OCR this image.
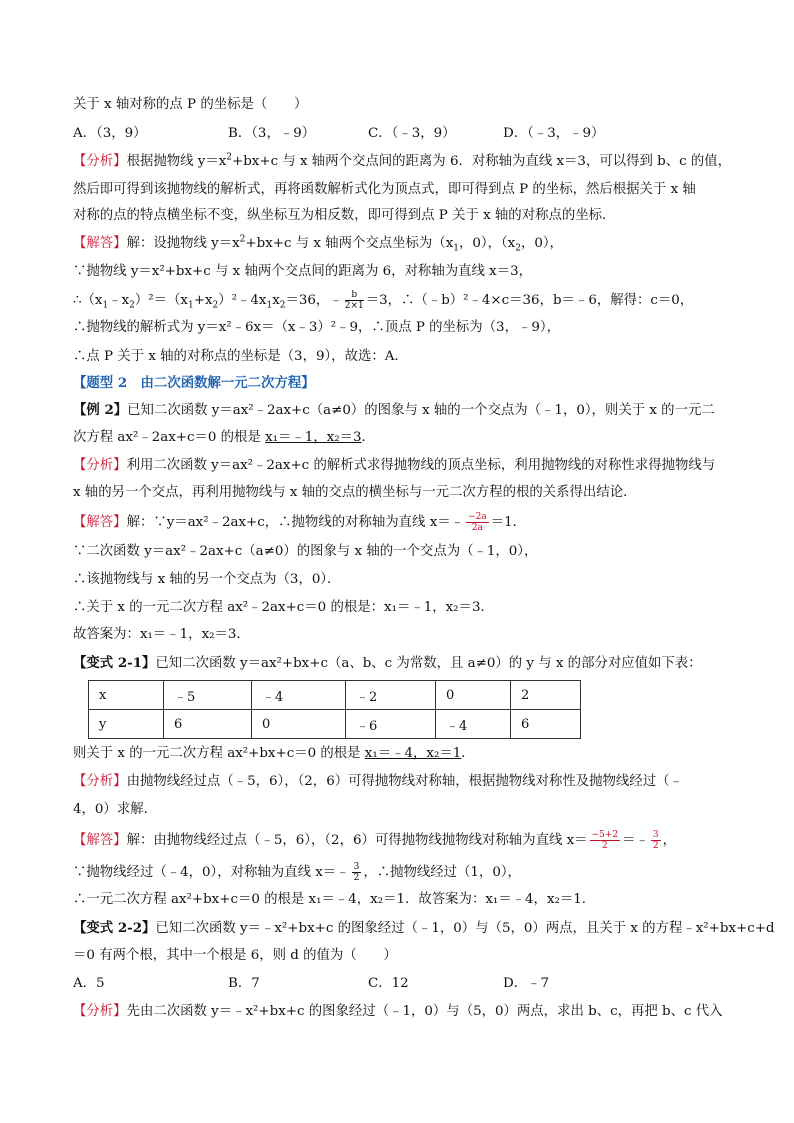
关于 x 轴对称的点 P 的坐标是（　　）
A．（3，9）	B．（3，﹣9）	C．（﹣3，9）	D．（﹣3，﹣9）
【分析】根据抛物线 $y=x^2+bx+c$ 与 x 轴两个交点间的距离为 6．对称轴为直线 x＝3，可以得到 b、c 的值，
然后即可得到该抛物线的解析式，再将函数解析式化为顶点式，即可得到点 P 的坐标，然后根据关于 x 轴
对称的点的特点横坐标不变，纵坐标互为相反数，即可得到点 P 关于 x 轴的对称点的坐标．
【解答】解：设抛物线 $y=x^2+bx+c$ 与 x 轴两个交点坐标为（$x_1$，0），（$x_2$，0），
∵抛物线 y＝x²+bx+c 与 x 轴两个交点间的距离为 6，对称轴为直线 x＝3，
$\therefore(x_1﹣x_2)^2=(x_1+x_2)^2﹣4x_1x_2=36$，﹣ $\frac{b}{2\times 1} =3$，∴（﹣b）²﹣4×c＝36，b＝﹣6，解得：c＝0，
∴抛物线的解析式为 y＝x²﹣6x＝（x﹣3）²﹣9，∴顶点 P 的坐标为（3，﹣9），
∴点 P 关于 x 轴的对称点的坐标是（3，9），故选：A．
【题型 2　由二次函数解一元二次方程】
【例 2】已知二次函数 y＝ax²﹣2ax+c（a≠0）的图象与 x 轴的一个交点为（﹣1，0），则关于 x 的一元二
次方程 ax²﹣2ax+c＝0 的根是 x₁＝﹣1，x₂＝3．
【分析】利用二次函数 y＝ax²﹣2ax+c 的解析式求得抛物线的顶点坐标，利用抛物线的对称性求得抛物线与
x 轴的另一个交点，再利用抛物线与 x 轴的交点的横坐标与一元二次方程的根的关系得出结论．
【解答】解：∵y＝ax²﹣2ax+c，∴抛物线的对称轴为直线 x＝﹣ $\frac{-2a}{2a} =1$．
∵二次函数 y＝ax²﹣2ax+c（a≠0）的图象与 x 轴的一个交点为（﹣1，0），
∴该抛物线与 x 轴的另一个交点为（3，0）．
∴关于 x 的一元二次方程 ax²﹣2ax+c＝0 的根是：x₁＝﹣1，x₂＝3．
故答案为：x₁＝﹣1，x₂＝3．
【变式 2-1】已知二次函数 y＝ax²+bx+c（a、b、c 为常数，且 a≠0）的 y 与 x 的部分对应值如下表：
x	﹣5	﹣4	﹣2	0	2
y	6	0	﹣6	﹣4	6
则关于 x 的一元二次方程 ax²+bx+c＝0 的根是 x₁＝﹣4，x₂＝1．
【分析】由抛物线经过点（﹣5，6），（2，6）可得抛物线对称轴，根据抛物线对称性及抛物线经过（﹣
4，0）求解．
【解答】解：由抛物线经过点（﹣5，6），（2，6）可得抛物线抛物线对称轴为直线 $x= \frac{-5+2}{2}$ ＝﹣ $\frac{3}{2}$ ，
∵抛物线经过（﹣4，0），对称轴为直线 x＝﹣ $\frac{3}{2}$ ，∴抛物线经过（1，0），
∴一元二次方程 ax²+bx+c＝0 的根是 x₁＝﹣4，x₂＝1．故答案为：x₁＝﹣4，x₂＝1．
【变式 2-2】已知二次函数 y＝﹣x²+bx+c 的图象经过（﹣1，0）与（5，0）两点，且关于 x 的方程﹣x²+bx+c+d
＝0 有两个根，其中一个根是 6，则 d 的值为（　　）
A．5	B．7	C．12	D．﹣7
【分析】先由二次函数 y＝﹣x²+bx+c 的图象经过（﹣1，0）与（5，0）两点，求出 b、c，再把 b、c 代入
